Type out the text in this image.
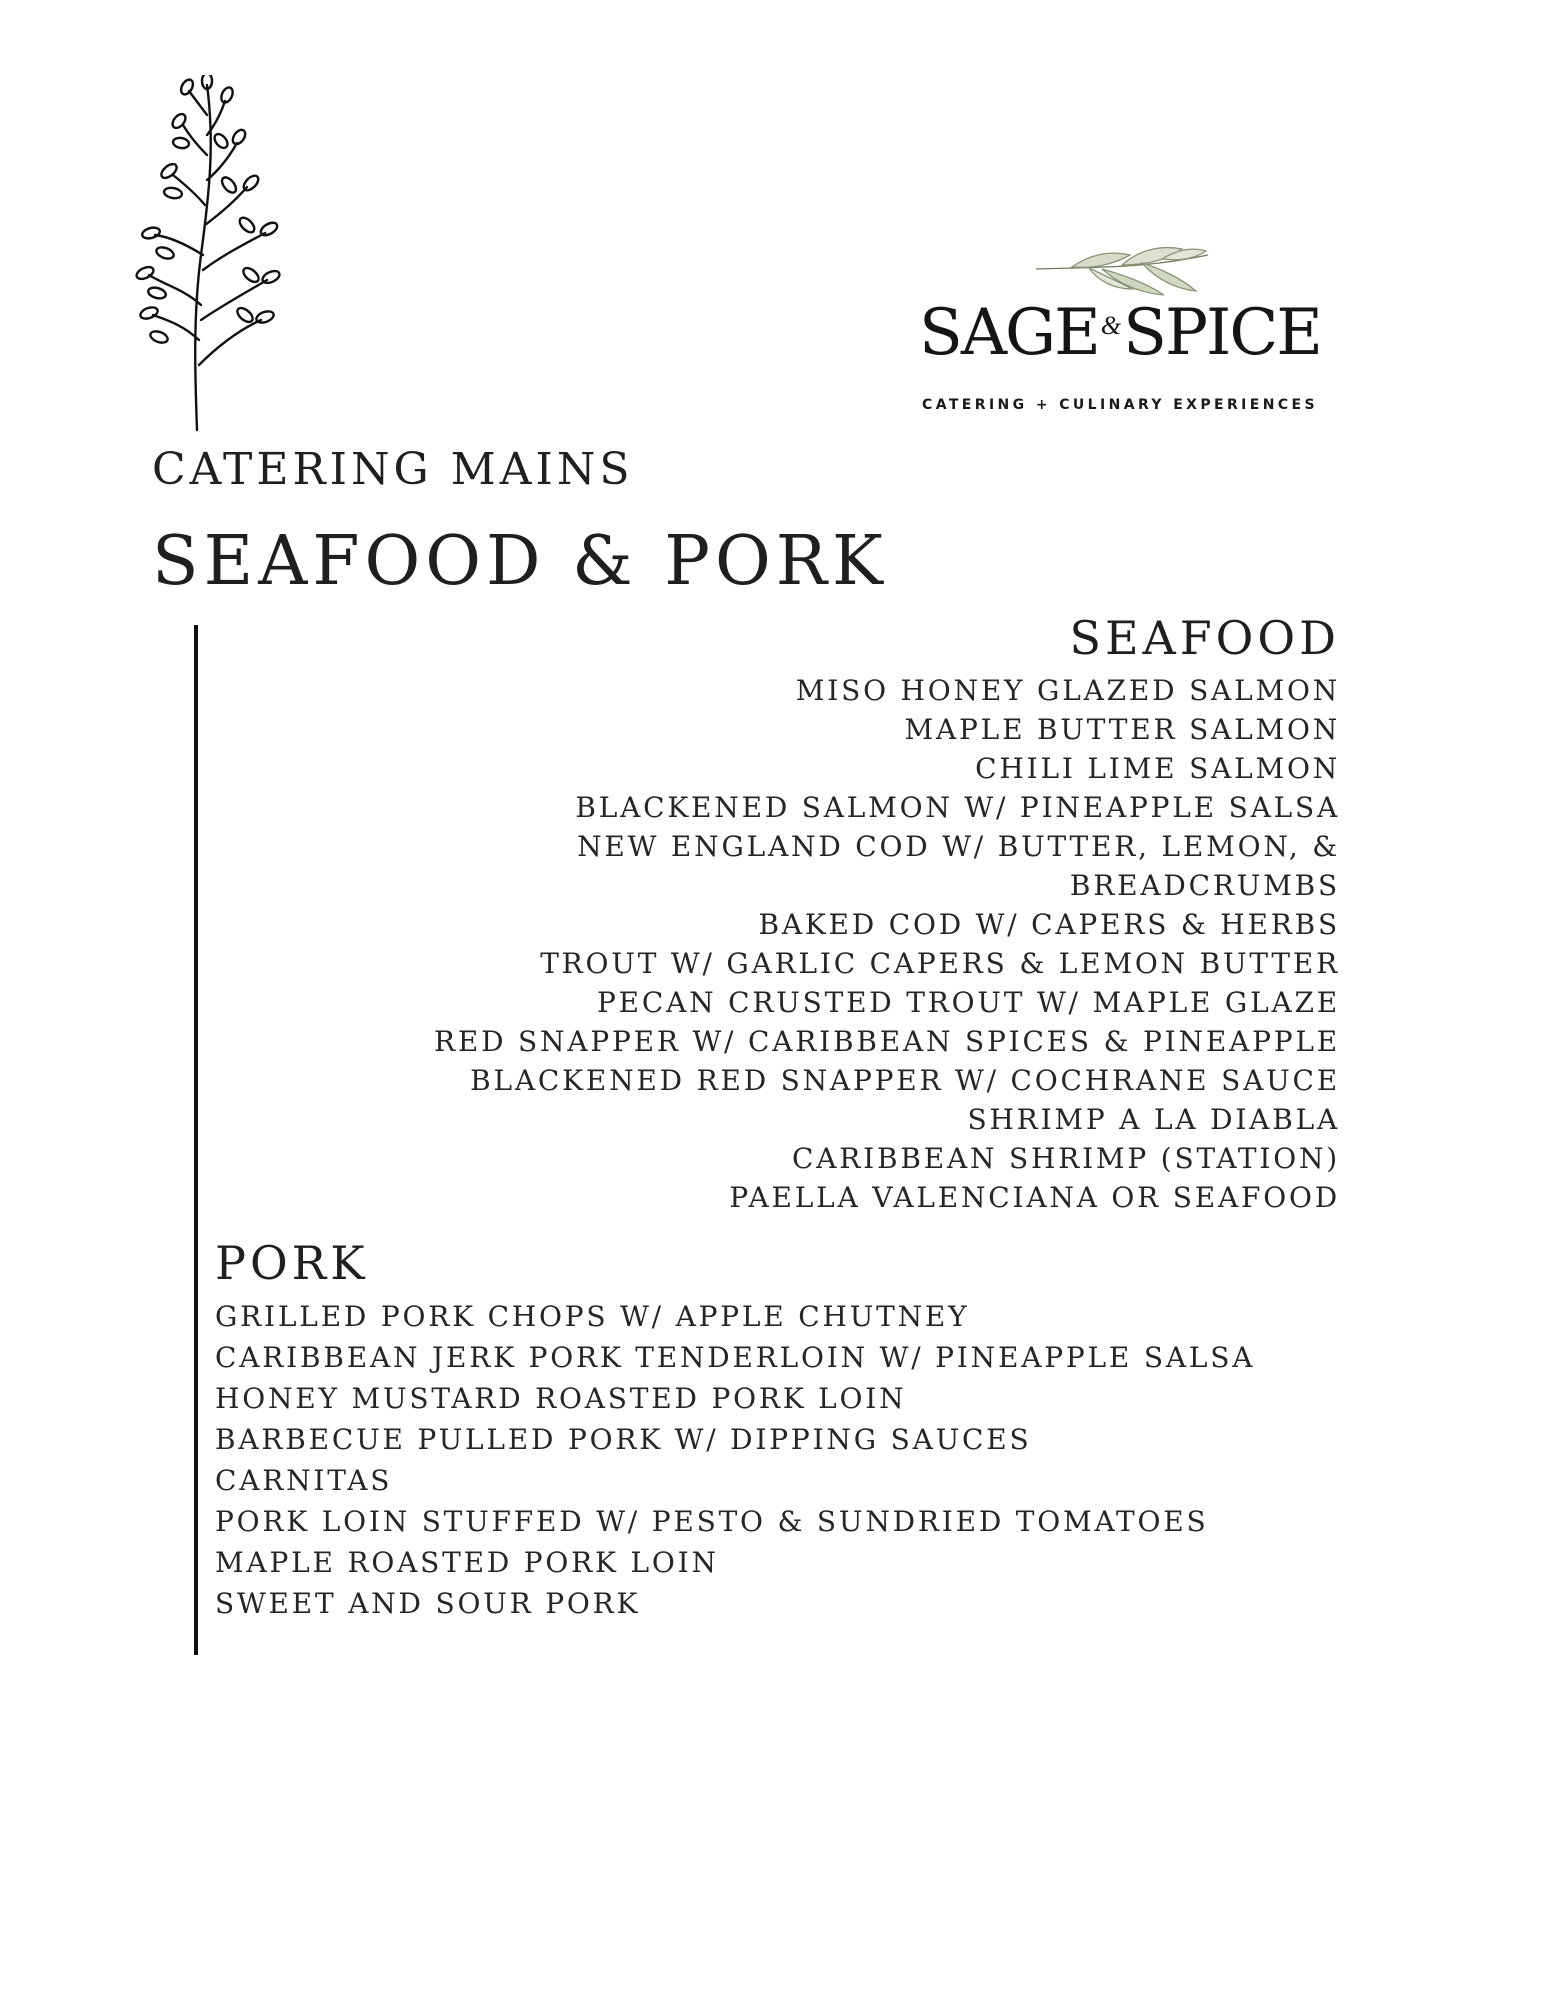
SAGE&SPICE
CATERING + CULINARY EXPERIENCES
CATERING MAINS
SEAFOOD & PORK
SEAFOOD
MISO HONEY GLAZED SALMON
MAPLE BUTTER SALMON
CHILI LIME SALMON
BLACKENED SALMON W/ PINEAPPLE SALSA
NEW ENGLAND COD W/ BUTTER, LEMON, &
BREADCRUMBS
BAKED COD W/ CAPERS & HERBS
TROUT W/ GARLIC CAPERS & LEMON BUTTER
PECAN CRUSTED TROUT W/ MAPLE GLAZE
RED SNAPPER W/ CARIBBEAN SPICES & PINEAPPLE
BLACKENED RED SNAPPER W/ COCHRANE SAUCE
SHRIMP A LA DIABLA
CARIBBEAN SHRIMP (STATION)
PAELLA VALENCIANA OR SEAFOOD
PORK
GRILLED PORK CHOPS W/ APPLE CHUTNEY
CARIBBEAN JERK PORK TENDERLOIN W/ PINEAPPLE SALSA
HONEY MUSTARD ROASTED PORK LOIN
BARBECUE PULLED PORK W/ DIPPING SAUCES
CARNITAS
PORK LOIN STUFFED W/ PESTO & SUNDRIED TOMATOES
MAPLE ROASTED PORK LOIN
SWEET AND SOUR PORK
